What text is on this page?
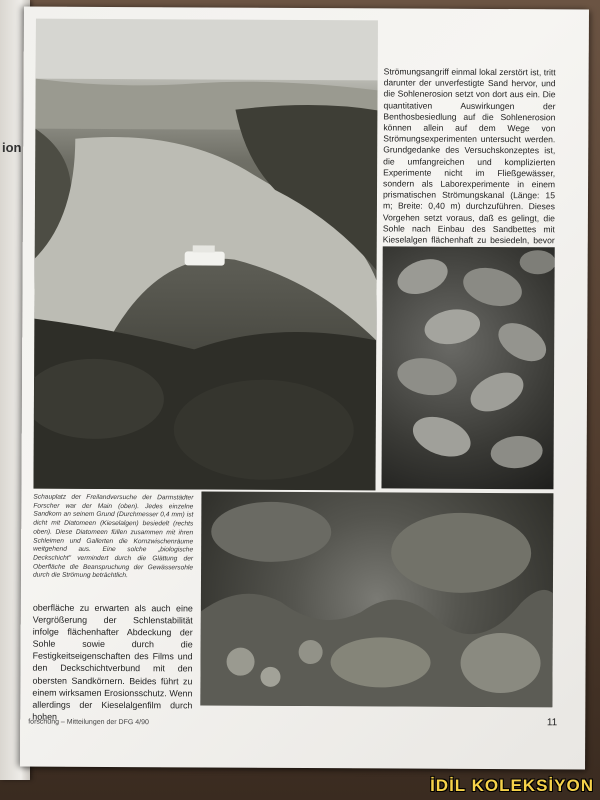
ion
Strömungsangriff einmal lokal zerstört ist, tritt darunter der unverfestigte Sand hervor, und die Sohlenerosion setzt von dort aus ein. Die quantitativen Auswirkungen der Benthosbesiedlung auf die Sohlenerosion können allein auf dem Wege von Strömungsexperimenten untersucht werden. Grundgedanke des Versuchskonzeptes ist, die umfangreichen und komplizierten Experimente nicht im Fließgewässer, sondern als Laborexperimente in einem prismatischen Strömungskanal (Länge: 15 m; Breite: 0,40 m) durchzuführen. Dieses Vorgehen setzt voraus, daß es gelingt, die Sohle nach Einbau des Sandbettes mit Kieselalgen flächenhaft zu besiedeln, bevor
Schauplatz der Freilandversuche der Darmstädter Forscher war der Main (oben). Jedes einzelne Sandkorn an seinem Grund (Durchmesser 0,4 mm) ist dicht mit Diatomeen (Kieselalgen) besiedelt (rechts oben). Diese Diatomeen füllen zusammen mit ihren Schleimen und Gallerten die Kornzwischenräume weitgehend aus. Eine solche „biologische Deckschicht" vermindert durch die Glättung der Oberfläche die Beanspruchung der Gewässersohle durch die Strömung beträchtlich.
oberfläche zu erwarten als auch eine Vergrößerung der Schlenstabilität infolge flächenhafter Abdeckung der Sohle sowie durch die Festigkeitseigenschaften des Films und den Deckschichtverbund mit den obersten Sandkörnern. Beides führt zu einem wirksamen Erosionsschutz. Wenn allerdings der Kieselalgenfilm durch hohen
forschung – Mitteilungen der DFG 4/90	11
İDİL KOLEKSİYON
